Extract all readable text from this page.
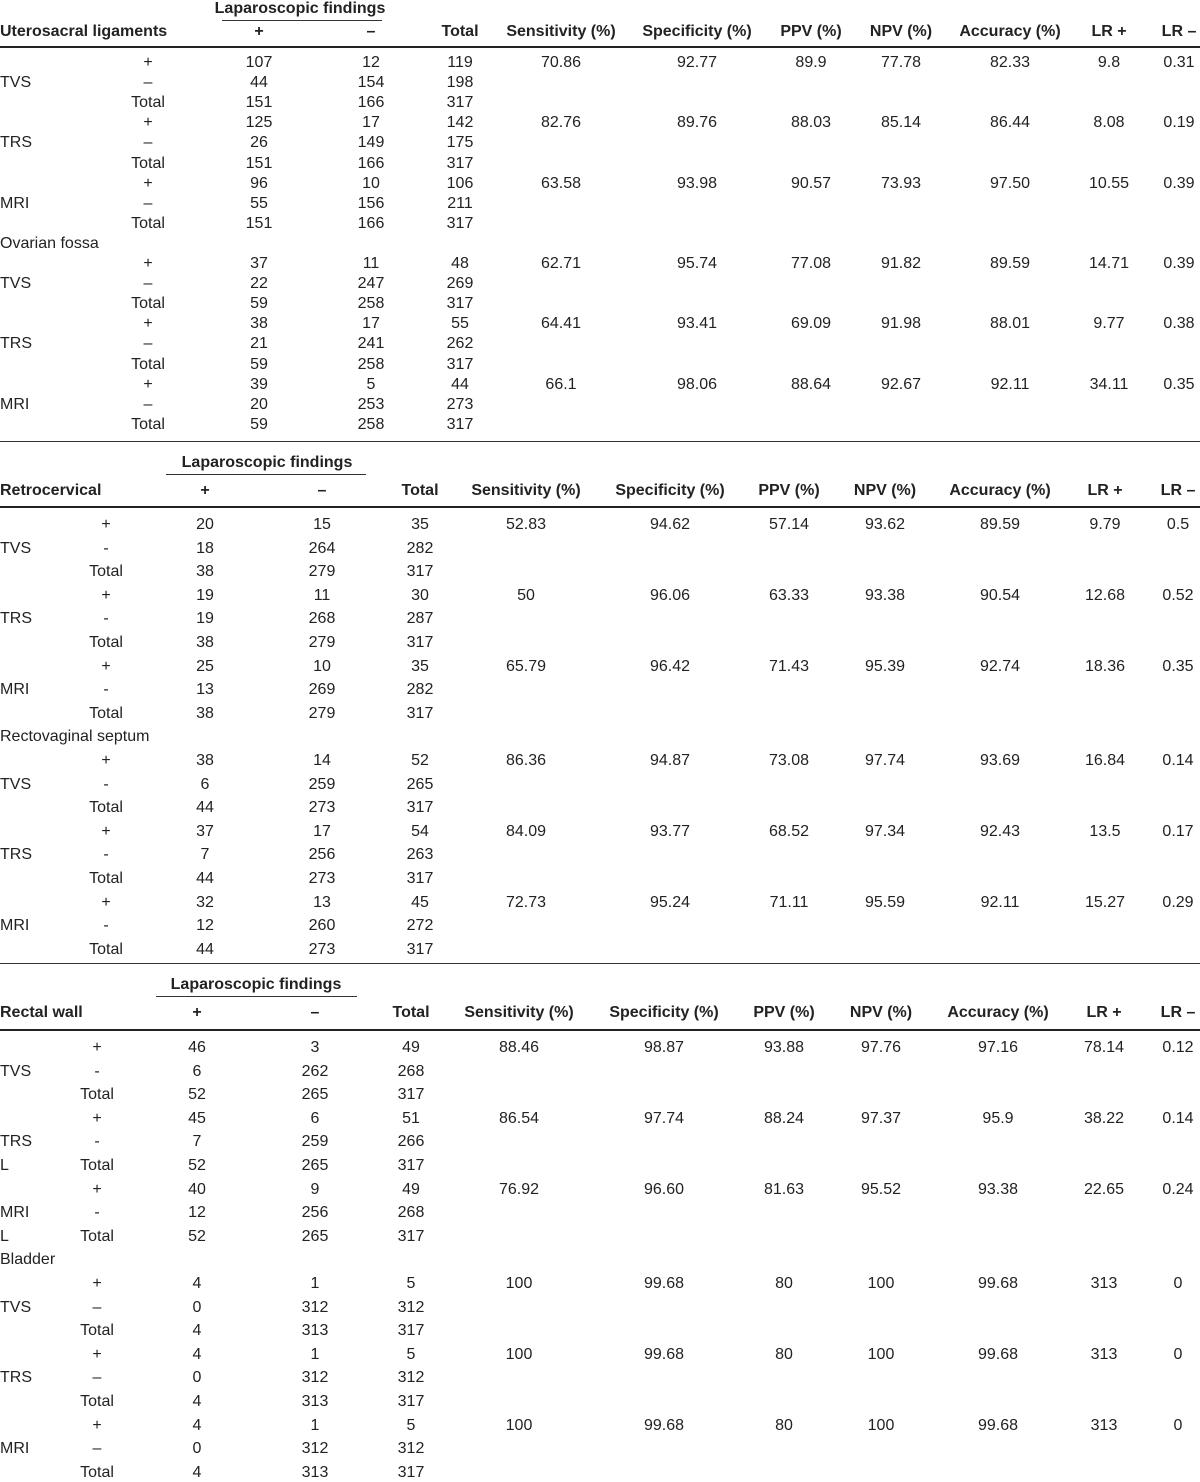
Laparoscopic findings
Uterosacral ligaments	+	–	Total Sensitivity (%) Specificity (%) PPV (%) NPV (%) Accuracy (%) LR + LR –
+	107	12	119	70.86	92.77	89.9	77.78	82.33	9.8	0.31
TVS	–	44	154	198
Total	151	166	317
+	125	17	142	82.76	89.76	88.03	85.14	86.44	8.08 0.19
TRS	–	26	149	175
Total	151	166	317
+	96	10	106	63.58	93.98	90.57	73.93	97.50	10.55 0.39
MRI	–	55	156	211
Total	151	166	317
Ovarian fossa
+	37	11	48	62.71	95.74	77.08	91.82	89.59	14.71 0.39
TVS	–	22	247	269
Total	59	258	317
+	38	17	55	64.41	93.41	69.09	91.98	88.01	9.77 0.38
TRS	–	21	241	262
Total	59	258	317
+	39	5	44	66.1	98.06	88.64	92.67	92.11	34.11 0.35
MRI	–	20	253	273
Total	59	258	317
Laparoscopic findings
Retrocervical	+	–	Total Sensitivity (%) Specificity (%) PPV (%) NPV (%) Accuracy (%) LR + LR –
+	20	15	35	52.83	94.62	57.14	93.62	89.59	9.79	0.5
TVS	-	18	264	282
Total	38	279	317
+	19	11	30	50	96.06	63.33	93.38	90.54	12.68 0.52
TRS	-	19	268	287
Total	38	279	317
+	25	10	35	65.79	96.42	71.43	95.39	92.74	18.36 0.35
MRI	-	13	269	282
Total	38	279	317
Rectovaginal septum
+	38	14	52	86.36	94.87	73.08	97.74	93.69	16.84 0.14
TVS	-	6	259	265
Total	44	273	317
+	37	17	54	84.09	93.77	68.52	97.34	92.43	13.5	0.17
TRS	-	7	256	263
Total	44	273	317
+	32	13	45	72.73	95.24	71.11	95.59	92.11	15.27 0.29
MRI	-	12	260	272
Total	44	273	317
Laparoscopic findings
Rectal wall	+	–	Total Sensitivity (%) Specificity (%) PPV (%) NPV (%) Accuracy (%) LR + LR –
+	46	3	49	88.46	98.87	93.88	97.76	97.16	78.14 0.12
TVS	-	6	262	268
Total	52	265	317
+	45	6	51	86.54	97.74	88.24	97.37	95.9	38.22 0.14
TRS	-	7	259	266
L	Total	52	265	317
+	40	9	49	76.92	96.60	81.63	95.52	93.38	22.65 0.24
MRI	-	12	256	268
L	Total	52	265	317
Bladder
+	4	1	5	100	99.68	80	100	99.68	313	0
TVS	–	0	312	312
Total	4	313	317
+	4	1	5	100	99.68	80	100	99.68	313	0
TRS	–	0	312	312
Total	4	313	317
+	4	1	5	100	99.68	80	100	99.68	313	0
MRI	–	0	312	312
Total	4	313	317
